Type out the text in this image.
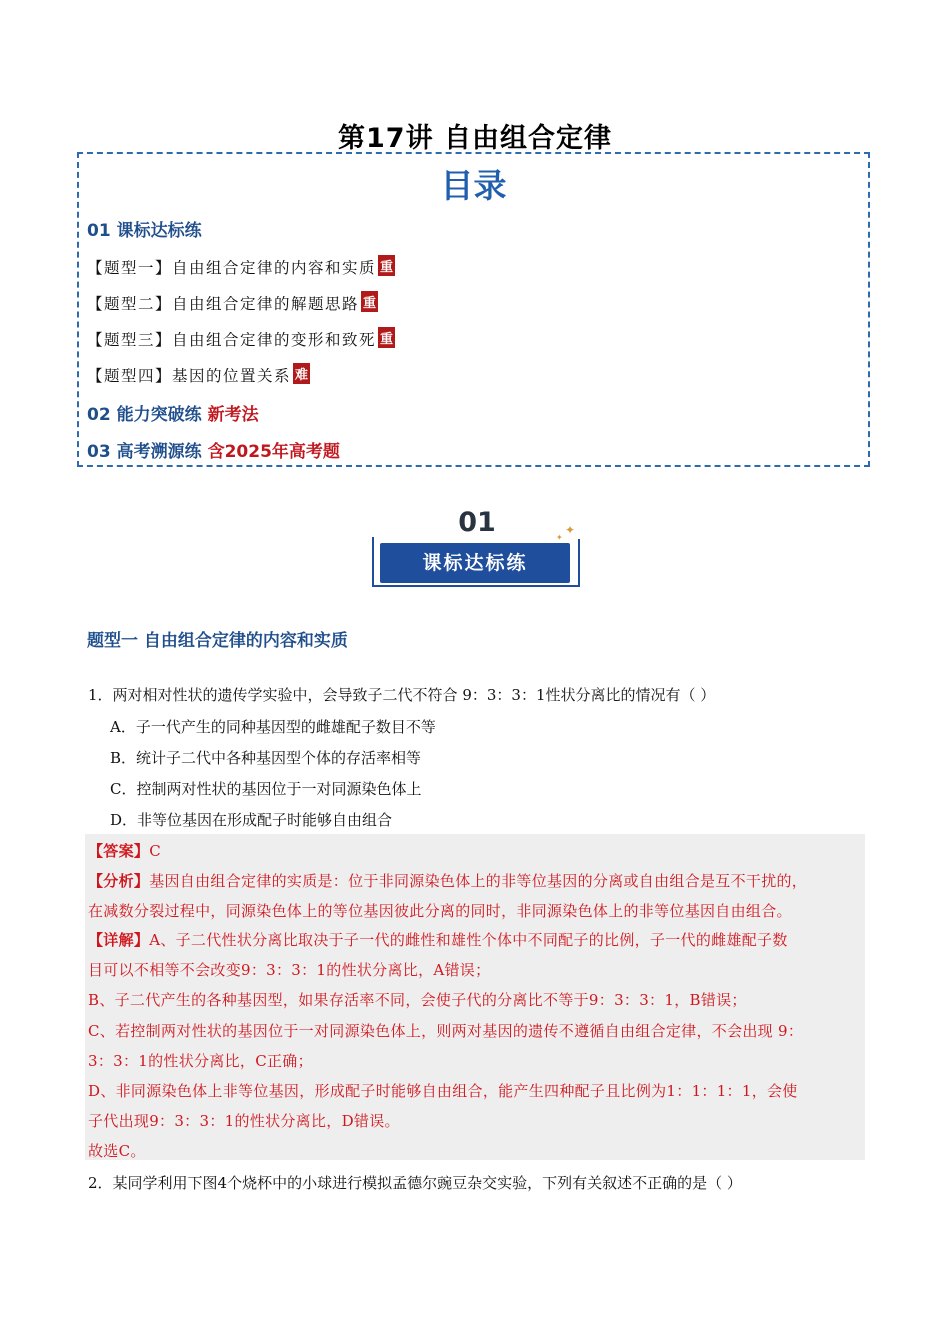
第17讲 自由组合定律
目录
01 课标达标练
【题型一】自由组合定律的内容和实质 重
【题型二】自由组合定律的解题思路 重
【题型三】自由组合定律的变形和致死 重
【题型四】基因的位置关系 难
02 能力突破练 新考法
03 高考溯源练 含2025年高考题
01
课标达标练
✦
✦
题型一 自由组合定律的内容和实质
1．两对相对性状的遗传学实验中，会导致子二代不符合 9：3：3：1性状分离比的情况有（ ）
A．子一代产生的同种基因型的雌雄配子数目不等
B．统计子二代中各种基因型个体的存活率相等
C．控制两对性状的基因位于一对同源染色体上
D．非等位基因在形成配子时能够自由组合
【答案】C
【分析】基因自由组合定律的实质是：位于非同源染色体上的非等位基因的分离或自由组合是互不干扰的，
在减数分裂过程中，同源染色体上的等位基因彼此分离的同时，非同源染色体上的非等位基因自由组合。
【详解】A、子二代性状分离比取决于子一代的雌性和雄性个体中不同配子的比例，子一代的雌雄配子数
目可以不相等不会改变9：3：3：1的性状分离比，A错误；
B、子二代产生的各种基因型，如果存活率不同，会使子代的分离比不等于9：3：3：1，B错误；
C、若控制两对性状的基因位于一对同源染色体上，则两对基因的遗传不遵循自由组合定律，不会出现 9：
3：3：1的性状分离比，C正确；
D、非同源染色体上非等位基因，形成配子时能够自由组合，能产生四种配子且比例为1：1：1：1，会使
子代出现9：3：3：1的性状分离比，D错误。
故选C。
2．某同学利用下图4个烧杯中的小球进行模拟孟德尔豌豆杂交实验，下列有关叙述不正确的是（ ）
